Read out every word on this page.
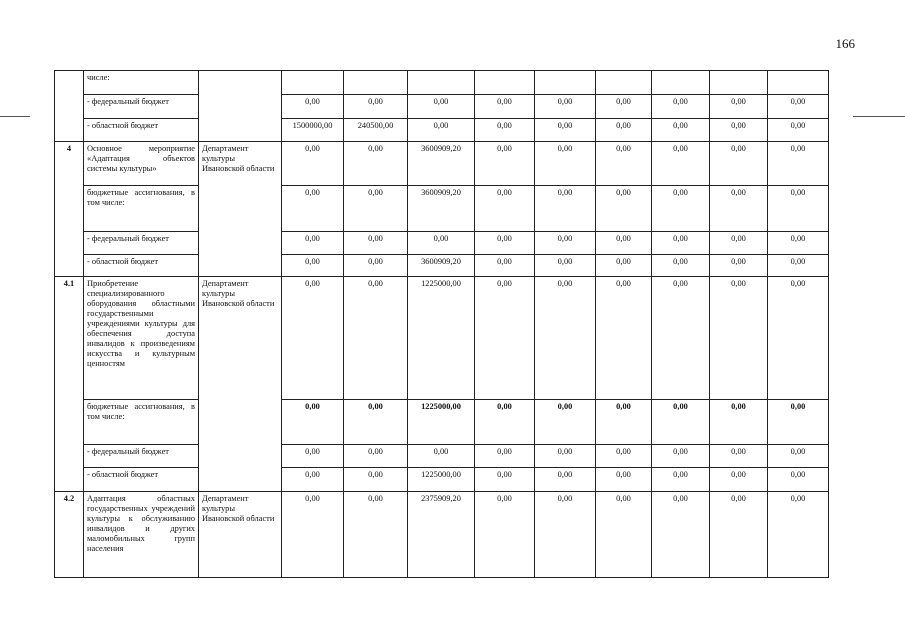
166
	числе:										
	- федеральный бюджет		0,00	0,00	0,00	0,00	0,00	0,00	0,00	0,00	0,00
	- областной бюджет		1500000,00	240500,00	0,00	0,00	0,00	0,00	0,00	0,00	0,00
4	Основное мероприятие «Адаптация объектов системы культуры»	Департамент культуры Ивановской области	0,00	0,00	3600909,20	0,00	0,00	0,00	0,00	0,00	0,00
	бюджетные ассигнования, в том числе:		0,00	0,00	3600909,20	0,00	0,00	0,00	0,00	0,00	0,00
	- федеральный бюджет		0,00	0,00	0,00	0,00	0,00	0,00	0,00	0,00	0,00
	- областной бюджет		0,00	0,00	3600909,20	0,00	0,00	0,00	0,00	0,00	0,00
4.1	Приобретение специализированного оборудования областными государственными учреждениями культуры для обеспечения доступа инвалидов к произведениям искусства и культурным ценностям	Департамент культуры Ивановской области	0,00	0,00	1225000,00	0,00	0,00	0,00	0,00	0,00	0,00
	бюджетные ассигнования, в том числе:		0,00	0,00	1225000,00	0,00	0,00	0,00	0,00	0,00	0,00
	- федеральный бюджет		0,00	0,00	0,00	0,00	0,00	0,00	0,00	0,00	0,00
	- областной бюджет		0,00	0,00	1225000,00	0,00	0,00	0,00	0,00	0,00	0,00
4.2	Адаптация областных государственных учреждений культуры к обслуживанию инвалидов и других маломобильных групп населения	Департамент культуры Ивановской области	0,00	0,00	2375909,20	0,00	0,00	0,00	0,00	0,00	0,00
